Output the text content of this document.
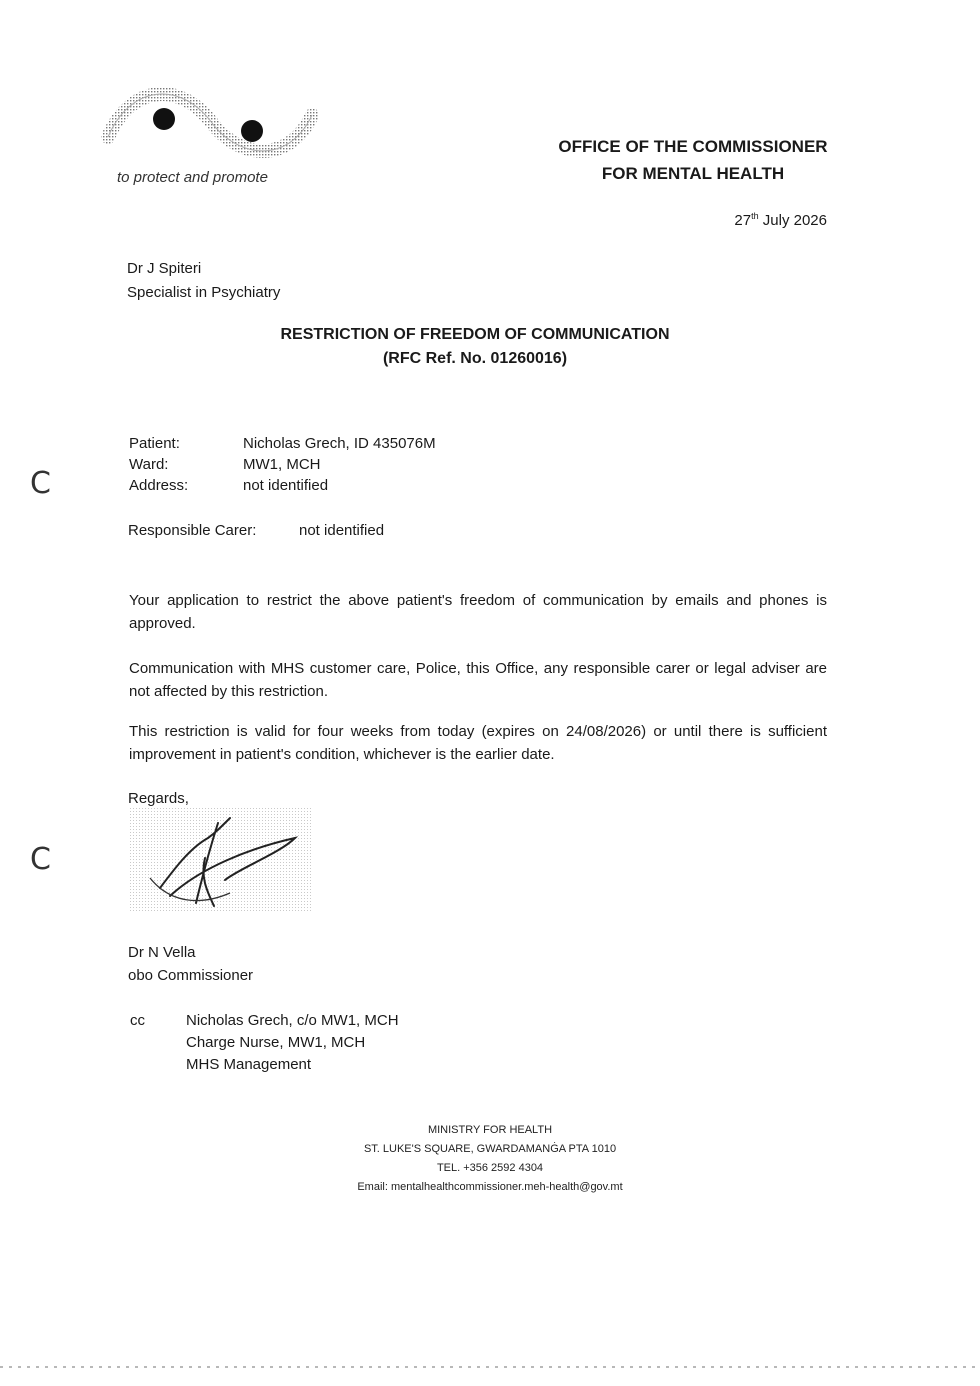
to protect and promote
OFFICE OF THE COMMISSIONER
FOR MENTAL HEALTH
27th July 2026
Dr J Spiteri
Specialist in Psychiatry
RESTRICTION OF FREEDOM OF COMMUNICATION
(RFC Ref. No. 01260016)
Patient:	Nicholas Grech, ID 435076M
Ward:	MW1, MCH
Address:	not identified
Responsible Carer:	not identified
Your application to restrict the above patient's freedom of communication by emails and phones is approved.
Communication with MHS customer care, Police, this Office, any responsible carer or legal adviser are not affected by this restriction.
This restriction is valid for four weeks from today (expires on 24/08/2026) or until there is sufficient improvement in patient's condition, whichever is the earlier date.
Regards,
Dr N Vella
obo Commissioner
cc	Nicholas Grech, c/o MW1, MCH
Charge Nurse, MW1, MCH
MHS Management
MINISTRY FOR HEALTH
ST. LUKE'S SQUARE, GWARDAMANĠA PTA 1010
TEL. +356 2592 4304
Email: mentalhealthcommissioner.meh-health@gov.mt
C
C
